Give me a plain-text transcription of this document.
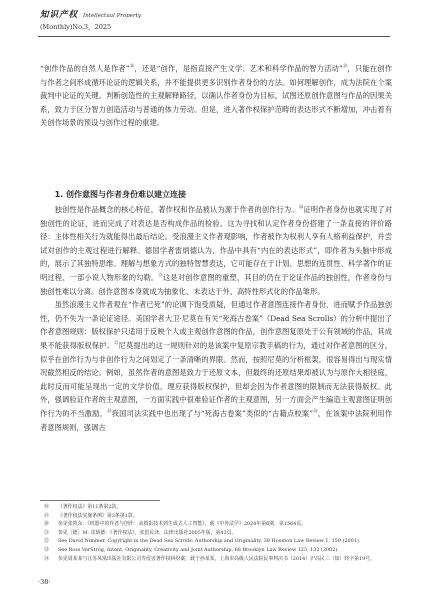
知识产权 Intellectual Property
(Monthly)No.3，2025

“创作作品的自然人是作者”⑱，还是“创作，是指直接产生文学、艺术和科学作品的智力活动”⑲，只能在创作与作者之间形成循环论证的逻辑关系，并不能提供更多识别作者身份的方法。如何理解创作，成为法院在个案裁判中论证的关键。判断创造性的主观解释路径，以确认作者身份为目标，试图还原创作意图与作品的因果关系，致力于区分智力创造活动与普通的体力劳动。但是，进入著作权保护范畴的表达形式不断增加，冲击着有关创作场景的预设与创作过程的重建。

1. 创作意图与作者身份难以建立连接

独创性是作品概念的核心特征，著作权和作品被认为源于作者的创作行为。⑳证明作者身份也就实现了对独创性的论证，进而完成了对表达是否构成作品的检验。这为寻找和认定作者身份搭建了一条直接的评价路径：主体性相关行为就能得出最后结论。受浪漫主义作者观影响，作者被作为权利人享有人格利益保护，并尝试对创作的主观过程进行解释。德国学者雷炳德认为，作品中具有“内在的表达形式”，即作者为头脑中形成的，展示了其独特思维、理解与想象方式的独特智慧表达，它可能存在于计划、思想的连贯性、科学著作的证明过程、一部小说人物形象的勾勒。$^㉑$这是对创作意图的重塑，其目的仍在于论证作品的独创性，作者身份与独创性难以分离。创作意图本身就成为抽象化、未表达于外、高特性形式化的作品雏形。

虽然浪漫主义作者观在“作者已死”的论调下饱受质疑，但通过作者意图连接作者身份，进而赋予作品独创性，仍不失为一条论证途径。美国学者大卫·尼莫在有关“死海古卷案”（Dead Sea Scrolls）的分析中提出了作者意图规则：版权保护只适用于反映个人或主观创作意图的作品，创作意图复原处于公有领域的作品，其成果不能获得版权保护。$^㉒$尼莫提出的这一规则针对的是该案中复原宗教手稿的行为，通过对作者意图的区分，似乎在创作行为与非创作行为之间划定了一条清晰的界限。然而，按照尼莫的分析框架，很容易得出与现实情况截然相反的结论。例如，虽然作者的意图是致力于还原文本，但最终的还原结果却被认为与原作大相径庭，此时反而可能呈现出一定的文学价值，理应获得版权保护，但却会因为作者意图的限制而无法获得版权。此外，强调验证作者的主观意图，一方面实践中很难验证作者的主观意图，另一方面会产生编造主观意图证明创作行为的不当激励。$^㉓$我国司法实践中也出现了与“死海古卷案”类似的“古籍点校案”$^㉔$，在该案中法院利用作者意图规则，强调古

⑱	《著作权法》第11条第2款。
⑲	《著作权法实施条例》第3条第1款。
⑳	参见张凯东：《机器中的作者与创作：从摄影技术到生成式人工智能》，载《中外法学》2024年第6期，第1564页。
㉑	参见［德］M. 雷炳德：《著作权法》，张恩民译，法律出版社2005年版，第43页。
㉒	See David Nimmer, Copyright in the Dead Sea Scrolls: Authorship and Originality, 38 Houston Law Review 1, 159 (2001).
㉓	See Ross VerStrog, Intent, Originality, Creativity and Joint Authorship, 68 Brooklyn Law Review 123, 132 (2002).
㉔	参见周某某与江苏凤凰出版社有限公司等侵害著作权纠纷案，载于孙某某，上海市高级人民法院民事判决书（2014）沪高民三（知）终字第19号。
·38·
